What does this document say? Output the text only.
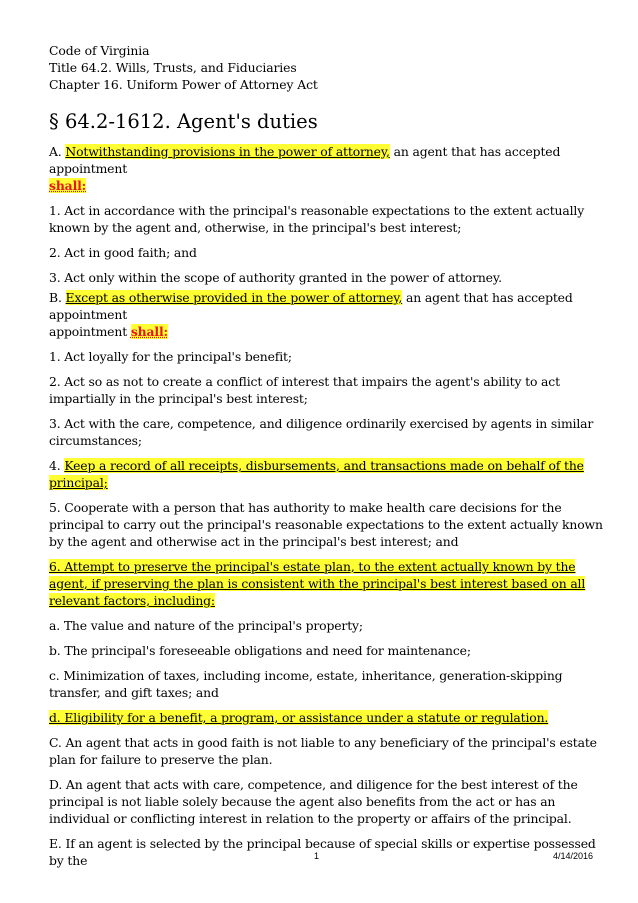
Code of Virginia
Title 64.2. Wills, Trusts, and Fiduciaries
Chapter 16. Uniform Power of Attorney Act
§ 64.2-1612. Agent's duties

A. Notwithstanding provisions in the power of attorney, an agent that has accepted appointment
shall:

1. Act in accordance with the principal's reasonable expectations to the extent actually known by the agent and, otherwise, in the principal's best interest;

2. Act in good faith; and

3. Act only within the scope of authority granted in the power of attorney.

B. Except as otherwise provided in the power of attorney, an agent that has accepted appointment
appointment shall:

1. Act loyally for the principal's benefit;

2. Act so as not to create a conflict of interest that impairs the agent's ability to act impartially in the principal's best interest;

3. Act with the care, competence, and diligence ordinarily exercised by agents in similar circumstances;

4. Keep a record of all receipts, disbursements, and transactions made on behalf of the principal;

5. Cooperate with a person that has authority to make health care decisions for the principal to carry out the principal's reasonable expectations to the extent actually known by the agent and otherwise act in the principal's best interest; and

6. Attempt to preserve the principal's estate plan, to the extent actually known by the agent, if preserving the plan is consistent with the principal's best interest based on all relevant factors, including:

a. The value and nature of the principal's property;

b. The principal's foreseeable obligations and need for maintenance;

c. Minimization of taxes, including income, estate, inheritance, generation-skipping transfer, and gift taxes; and

d. Eligibility for a benefit, a program, or assistance under a statute or regulation.

C. An agent that acts in good faith is not liable to any beneficiary of the principal's estate plan for failure to preserve the plan.

D. An agent that acts with care, competence, and diligence for the best interest of the principal is not liable solely because the agent also benefits from the act or has an individual or conflicting interest in relation to the property or affairs of the principal.

E. If an agent is selected by the principal because of special skills or expertise possessed by the	1	4/14/2016
